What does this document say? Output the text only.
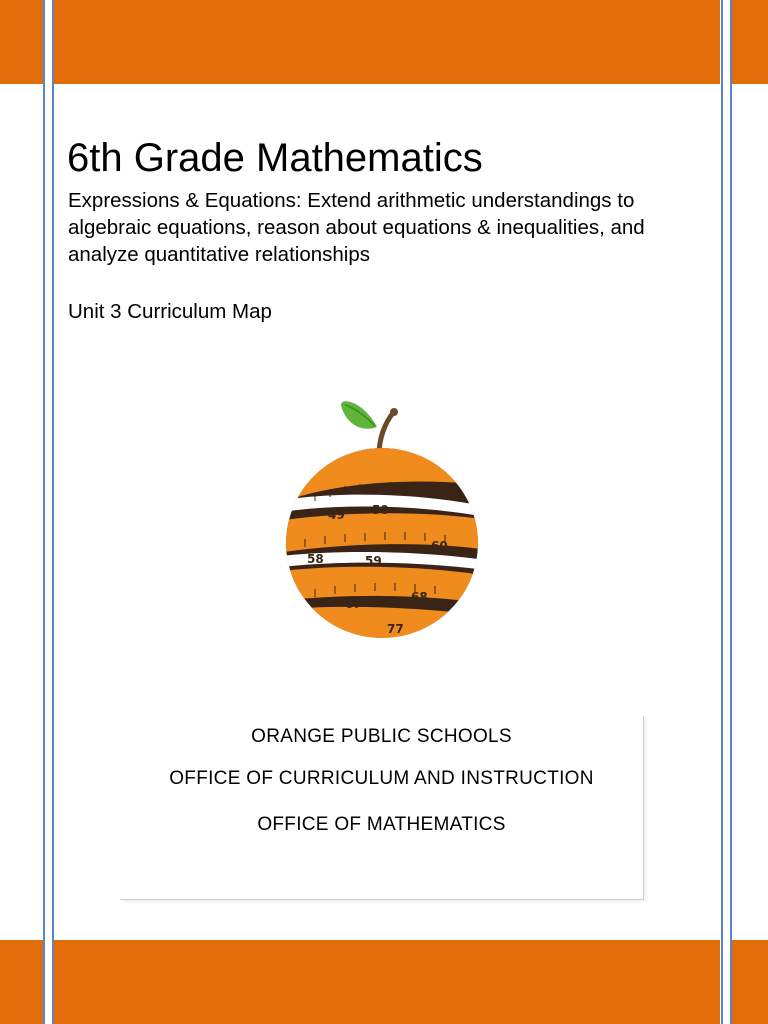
6th Grade Mathematics

Expressions & Equations: Extend arithmetic understandings to algebraic equations, reason about equations & inequalities, and analyze quantitative relationships

Unit 3 Curriculum Map

49 50
51
58	59
60
67	68
77
ORANGE PUBLIC SCHOOLS
OFFICE OF CURRICULUM AND INSTRUCTION
OFFICE OF MATHEMATICS
